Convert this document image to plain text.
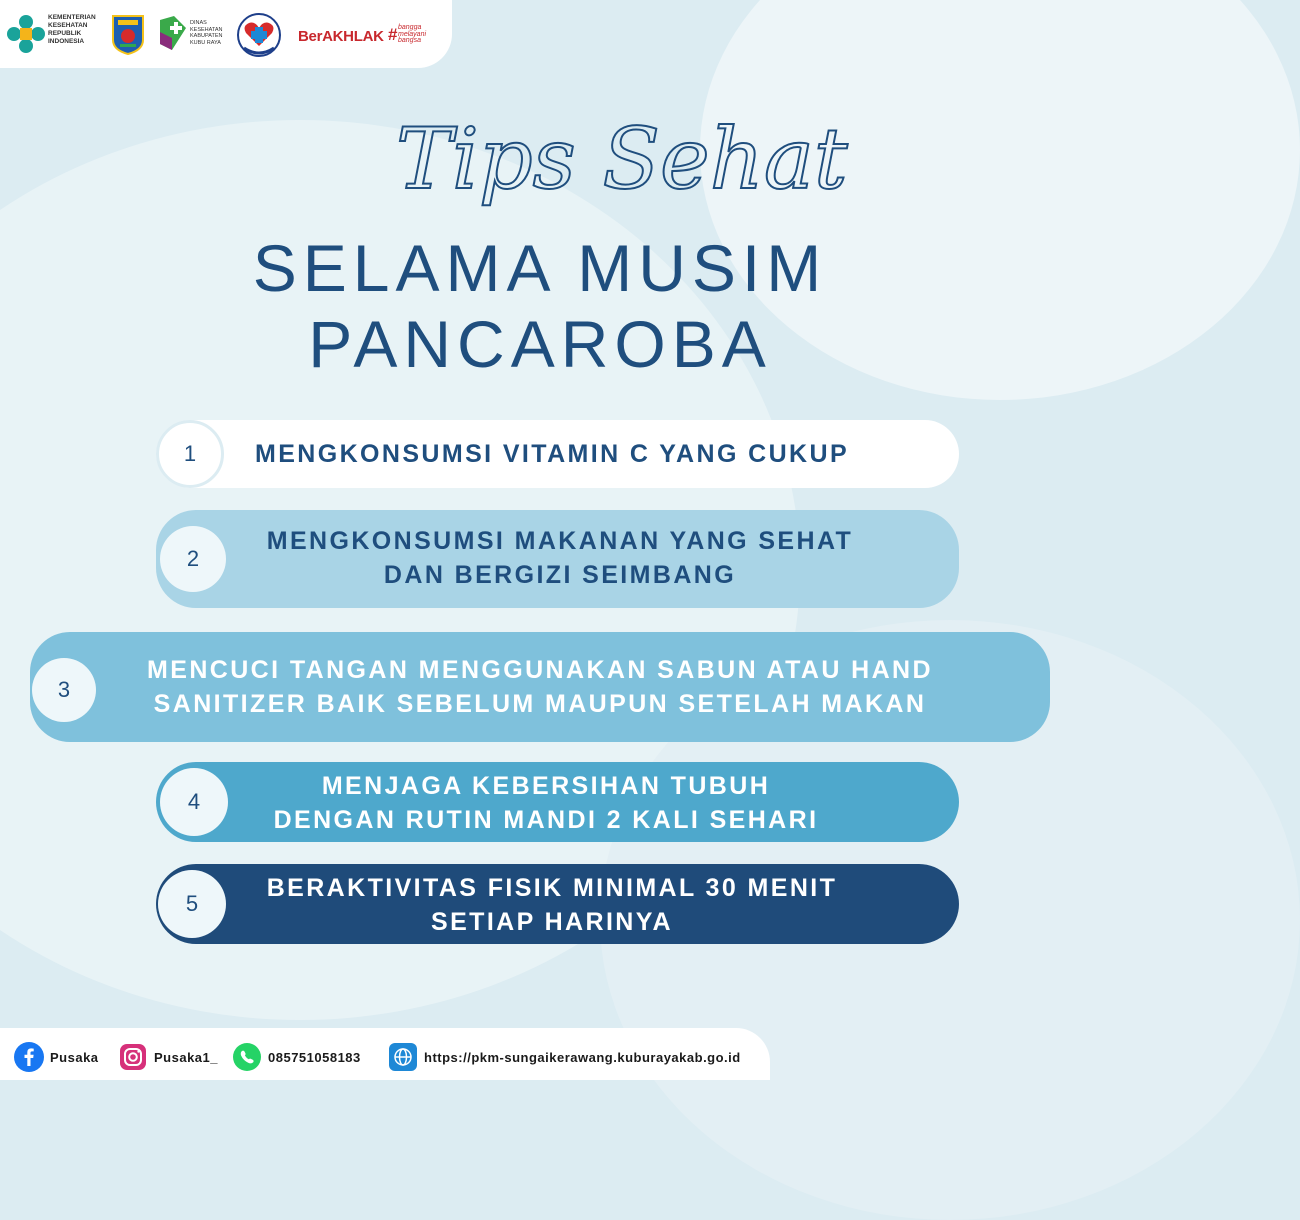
KEMENTERIAN
KESEHATAN
REPUBLIK
INDONESIA
DINAS
KESEHATAN
KABUPATEN
KUBU RAYA	BerAKHLAK # bangga
melayani
bangsa
Tips Sehat
SELAMA MUSIM
PANCAROBA
1	MENGKONSUMSI VITAMIN C YANG CUKUP
2
MENGKONSUMSI MAKANAN YANG SEHAT
DAN BERGIZI SEIMBANG
3
MENCUCI TANGAN MENGGUNAKAN SABUN ATAU HAND
SANITIZER BAIK SEBELUM MAUPUN SETELAH MAKAN
4
MENJAGA KEBERSIHAN TUBUH
DENGAN RUTIN MANDI 2 KALI SEHARI
5
BERAKTIVITAS FISIK MINIMAL 30 MENIT
SETIAP HARINYA
Pusaka	Pusaka1_	085751058183	https://pkm-sungaikerawang.kuburayakab.go.id
